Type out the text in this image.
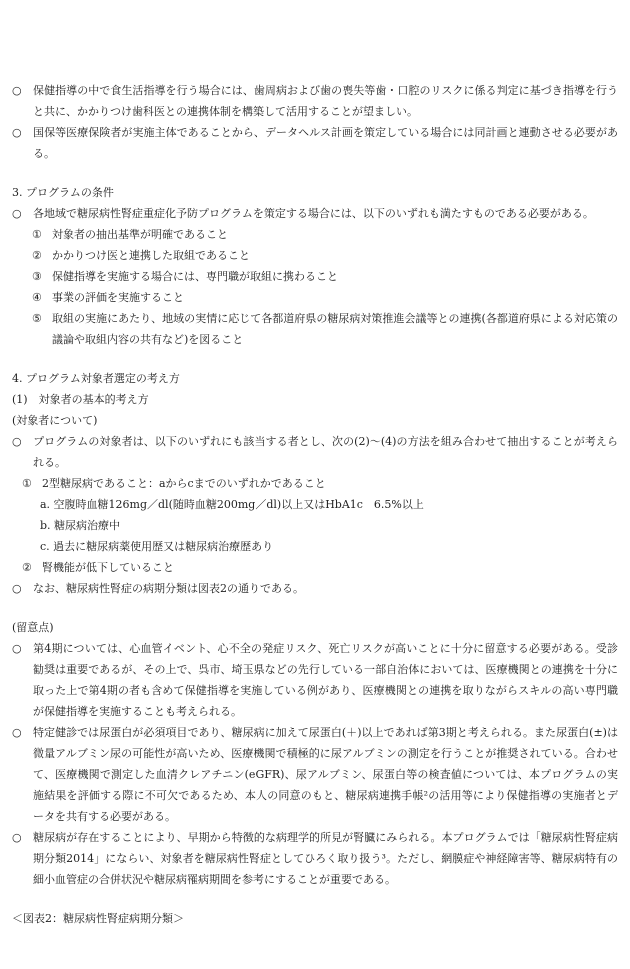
○ 保健指導の中で食生活指導を行う場合には、歯周病および歯の喪失等歯・口腔のリスクに係る判定に基づき指導を行うと共に、かかりつけ歯科医との連携体制を構築して活用することが望ましい。
○ 国保等医療保険者が実施主体であることから、データヘルス計画を策定している場合には同計画と連動させる必要がある。
3. プログラムの条件
○ 各地域で糖尿病性腎症重症化予防プログラムを策定する場合には、以下のいずれも満たすものである必要がある。
① 対象者の抽出基準が明確であること
② かかりつけ医と連携した取組であること
③ 保健指導を実施する場合には、専門職が取組に携わること
④ 事業の評価を実施すること
⑤ 取組の実施にあたり、地域の実情に応じて各都道府県の糖尿病対策推進会議等との連携(各都道府県による対応策の議論や取組内容の共有など)を図ること
4. プログラム対象者選定の考え方
(1)　対象者の基本的考え方
(対象者について)
○ プログラムの対象者は、以下のいずれにも該当する者とし、次の(2)～(4)の方法を組み合わせて抽出することが考えられる。
① 2型糖尿病であること：aからcまでのいずれかであること
a. 空腹時血糖126mg／dl(随時血糖200mg／dl)以上又はHbA1c　6.5%以上
b. 糖尿病治療中
c. 過去に糖尿病薬使用歴又は糖尿病治療歴あり
② 腎機能が低下していること
○ なお、糖尿病性腎症の病期分類は図表2の通りである。
(留意点)
○ 第4期については、心血管イベント、心不全の発症リスク、死亡リスクが高いことに十分に留意する必要がある。受診勧奨は重要であるが、その上で、呉市、埼玉県などの先行している一部自治体においては、医療機関との連携を十分に取った上で第4期の者も含めて保健指導を実施している例があり、医療機関との連携を取りながらスキルの高い専門職が保健指導を実施することも考えられる。
○ 特定健診では尿蛋白が必須項目であり、糖尿病に加えて尿蛋白(＋)以上であれば第3期と考えられる。また尿蛋白(±)は微量アルブミン尿の可能性が高いため、医療機関で積極的に尿アルブミンの測定を行うことが推奨されている。合わせて、医療機関で測定した血清クレアチニン(eGFR)、尿アルブミン、尿蛋白等の検査値については、本プログラムの実施結果を評価する際に不可欠であるため、本人の同意のもと、糖尿病連携手帳²の活用等により保健指導の実施者とデータを共有する必要がある。
○ 糖尿病が存在することにより、早期から特徴的な病理学的所見が腎臓にみられる。本プログラムでは「糖尿病性腎症病期分類2014」にならい、対象者を糖尿病性腎症としてひろく取り扱う³。ただし、網膜症や神経障害等、糖尿病特有の細小血管症の合併状況や糖尿病罹病期間を参考にすることが重要である。
＜図表2：糖尿病性腎症病期分類＞
